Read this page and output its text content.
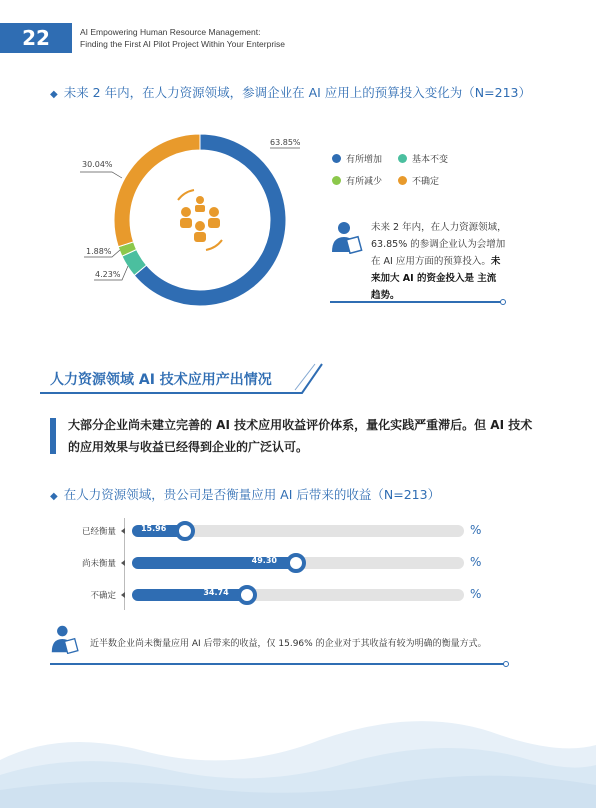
22	AI Empowering Human Resource Management:
Finding the First AI Pilot Project Within Your Enterprise
◆ 未来 2 年内，在人力资源领域，参调企业在 AI 应用上的预算投入变化为（N=213）
63.85%
30.04%
1.88%
4.23%
有所增加	基本不变
有所减少	不确定
未来 2 年内，在人力资源领域，
63.85% 的参调企业认为会增加
在 AI 应用方面的预算投入。未
来加大 AI 的资金投入是 主流
趋势。
人力资源领域 AI 技术应用产出情况
大部分企业尚未建立完善的 AI 技术应用收益评价体系，量化实践严重滞后。但 AI 技术的应用效果与收益已经得到企业的广泛认可。
◆ 在人力资源领域，贵公司是否衡量应用 AI 后带来的收益（N=213）
已经衡量	15.96	%
尚未衡量	49.30	%
不确定	34.74	%
近半数企业尚未衡量应用 AI 后带来的收益，仅 15.96% 的企业对于其收益有较为明确的衡量方式。
